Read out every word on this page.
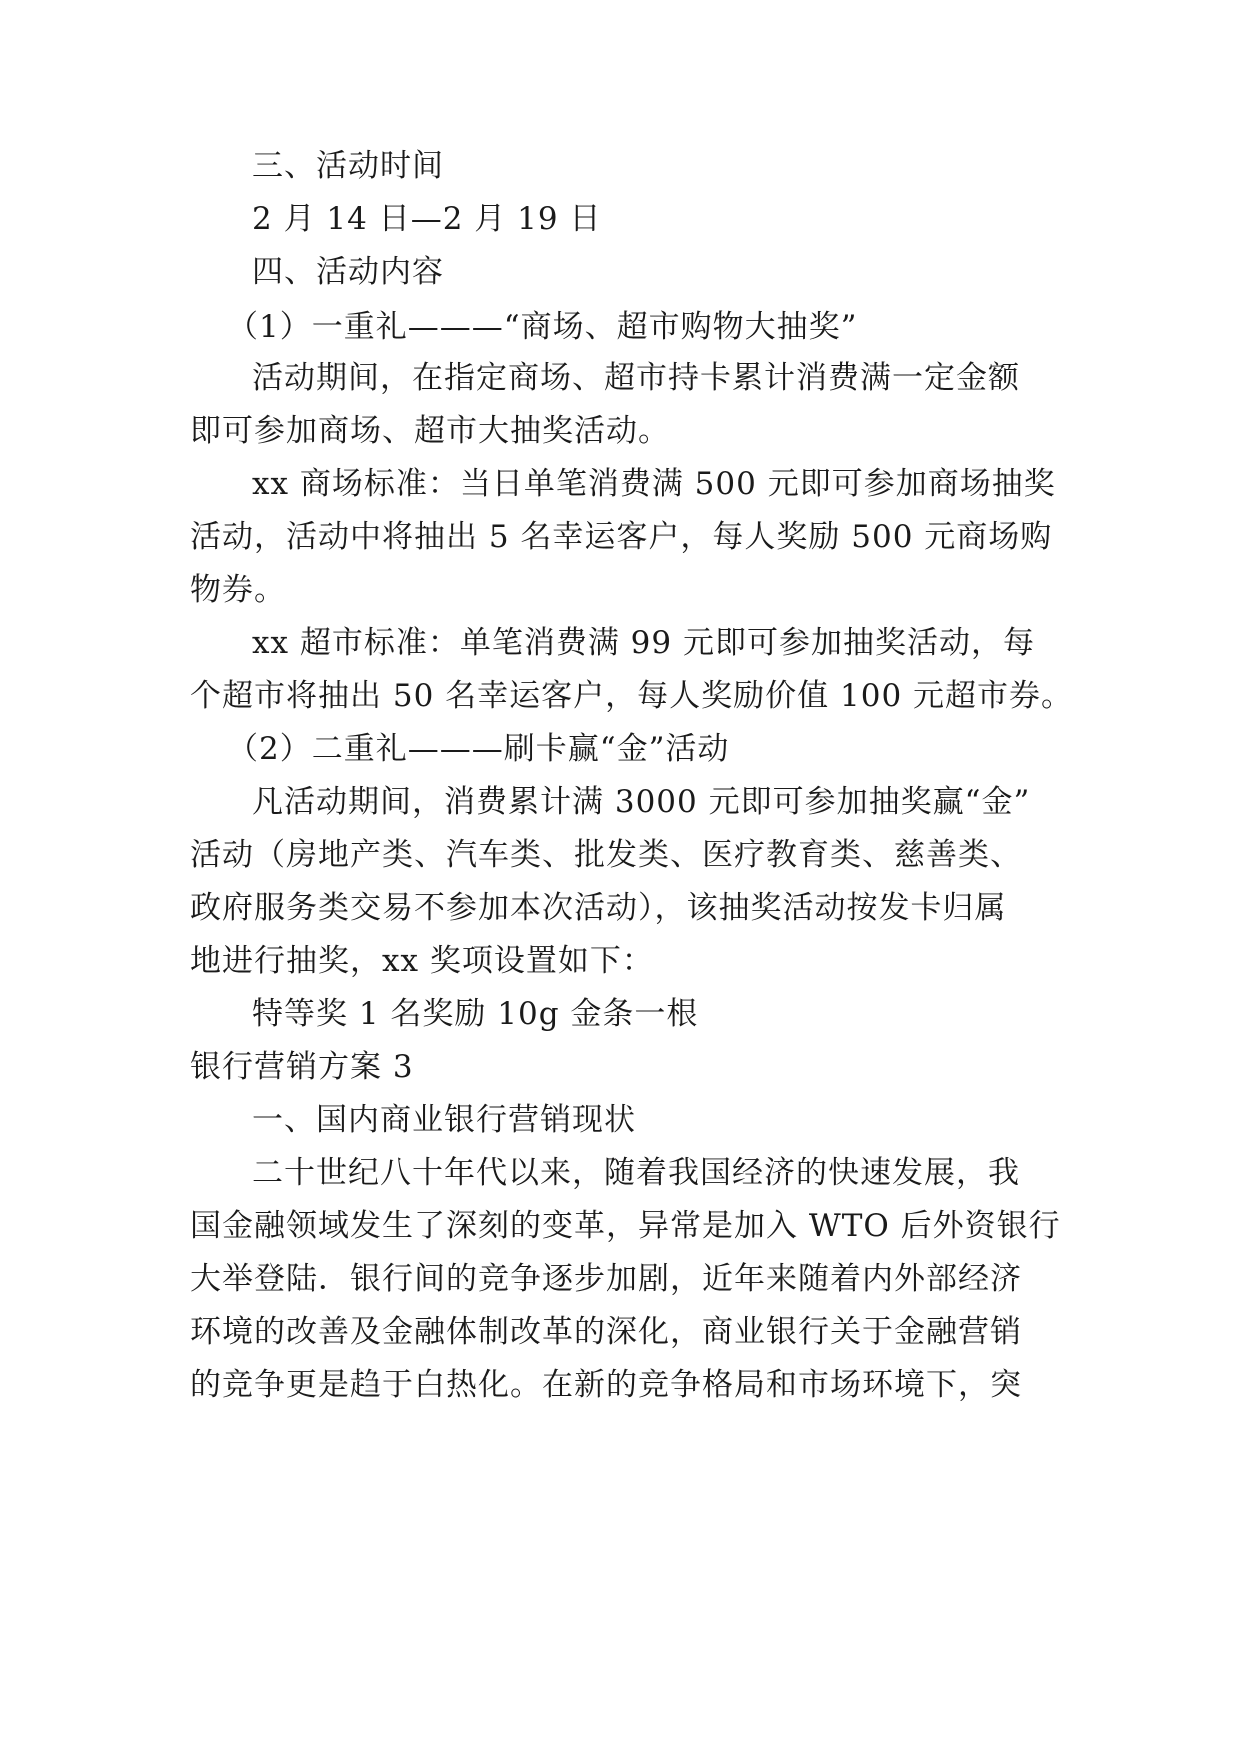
三、活动时间
2 月 14 日—2 月 19 日
四、活动内容
（1）一重礼———“商场、超市购物大抽奖”
活动期间，在指定商场、超市持卡累计消费满一定金额
即可参加商场、超市大抽奖活动。
xx 商场标准：当日单笔消费满 500 元即可参加商场抽奖
活动，活动中将抽出 5 名幸运客户，每人奖励 500 元商场购
物券。
xx 超市标准：单笔消费满 99 元即可参加抽奖活动，每
个超市将抽出 50 名幸运客户，每人奖励价值 100 元超市券。
（2）二重礼———刷卡赢“金”活动
凡活动期间，消费累计满 3000 元即可参加抽奖赢“金”
活动（房地产类、汽车类、批发类、医疗教育类、慈善类、
政府服务类交易不参加本次活动），该抽奖活动按发卡归属
地进行抽奖，xx 奖项设置如下：
特等奖 1 名奖励 10g 金条一根
银行营销方案 3
一、国内商业银行营销现状
二十世纪八十年代以来，随着我国经济的快速发展，我
国金融领域发生了深刻的变革，异常是加入 WTO 后外资银行
大举登陆．银行间的竞争逐步加剧，近年来随着内外部经济
环境的改善及金融体制改革的深化，商业银行关于金融营销
的竞争更是趋于白热化。在新的竞争格局和市场环境下，突
